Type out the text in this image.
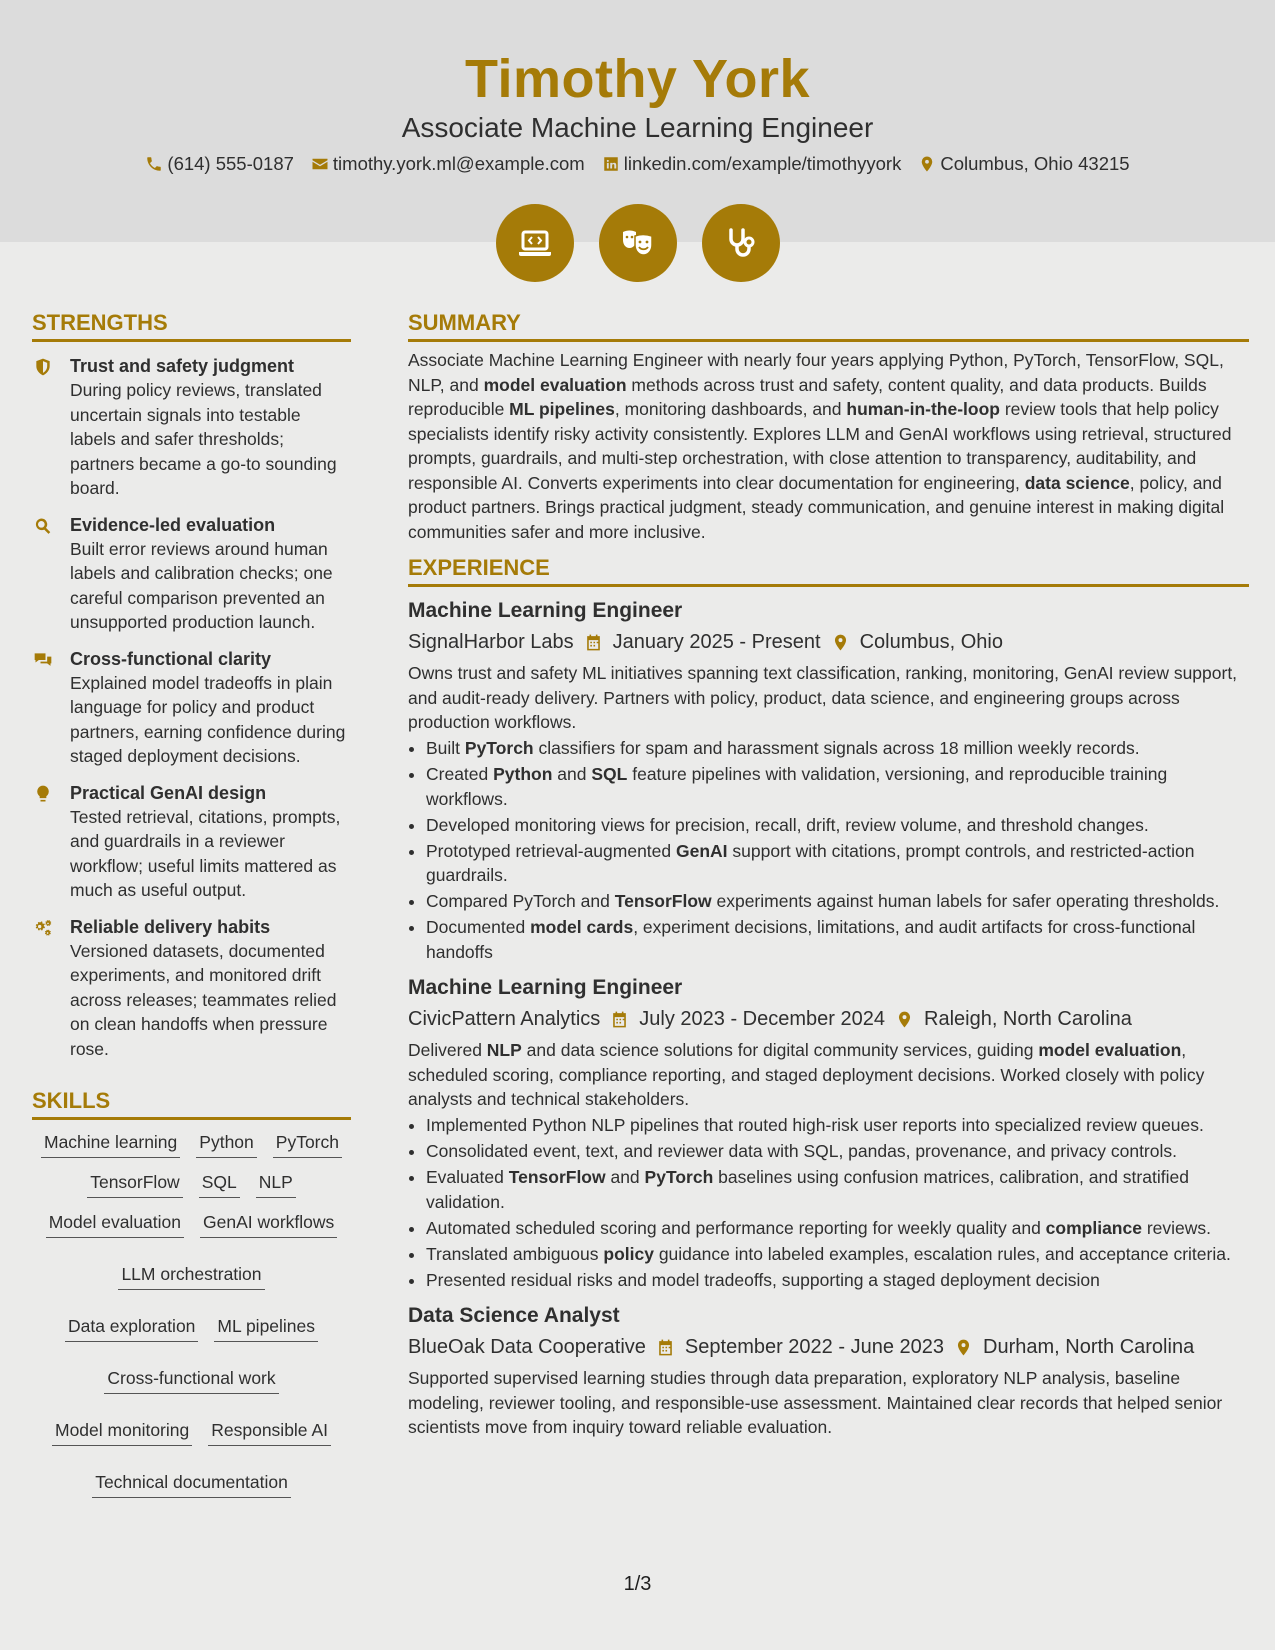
Timothy York
Associate Machine Learning Engineer
(614) 555-0187 timothy.york.ml@example.com linkedin.com/example/timothyyork Columbus, Ohio 43215
STRENGTHS
Trust and safety judgment
During policy reviews, translated uncertain signals into testable labels and safer thresholds; partners became a go-to sounding board.
Evidence-led evaluation
Built error reviews around human labels and calibration checks; one careful comparison prevented an unsupported production launch.
Cross-functional clarity
Explained model tradeoffs in plain language for policy and product partners, earning confidence during staged deployment decisions.
Practical GenAI design
Tested retrieval, citations, prompts, and guardrails in a reviewer workflow; useful limits mattered as much as useful output.
Reliable delivery habits
Versioned datasets, documented experiments, and monitored drift across releases; teammates relied on clean handoffs when pressure rose.
SKILLS
Machine learning Python PyTorch
TensorFlow SQL NLP
Model evaluation GenAI workflows
LLM orchestration
Data exploration ML pipelines
Cross-functional work
Model monitoring Responsible AI
Technical documentation
SUMMARY
Associate Machine Learning Engineer with nearly four years applying Python, PyTorch, TensorFlow, SQL, NLP, and model evaluation methods across trust and safety, content quality, and data products. Builds reproducible ML pipelines, monitoring dashboards, and human-in-the-loop review tools that help policy specialists identify risky activity consistently. Explores LLM and GenAI workflows using retrieval, structured prompts, guardrails, and multi-step orchestration, with close attention to transparency, auditability, and responsible AI. Converts experiments into clear documentation for engineering, data science, policy, and product partners. Brings practical judgment, steady communication, and genuine interest in making digital communities safer and more inclusive.
EXPERIENCE
Machine Learning Engineer
SignalHarbor Labs January 2025 - Present Columbus, Ohio
Owns trust and safety ML initiatives spanning text classification, ranking, monitoring, GenAI review support, and audit-ready delivery. Partners with policy, product, data science, and engineering groups across production workflows.
• Built PyTorch classifiers for spam and harassment signals across 18 million weekly records.
• Created Python and SQL feature pipelines with validation, versioning, and reproducible training workflows.
• Developed monitoring views for precision, recall, drift, review volume, and threshold changes.
• Prototyped retrieval-augmented GenAI support with citations, prompt controls, and restricted-action guardrails.
• Compared PyTorch and TensorFlow experiments against human labels for safer operating thresholds.
• Documented model cards, experiment decisions, limitations, and audit artifacts for cross-functional handoffs
Machine Learning Engineer
CivicPattern Analytics July 2023 - December 2024 Raleigh, North Carolina
Delivered NLP and data science solutions for digital community services, guiding model evaluation, scheduled scoring, compliance reporting, and staged deployment decisions. Worked closely with policy analysts and technical stakeholders.
• Implemented Python NLP pipelines that routed high-risk user reports into specialized review queues.
• Consolidated event, text, and reviewer data with SQL, pandas, provenance, and privacy controls.
• Evaluated TensorFlow and PyTorch baselines using confusion matrices, calibration, and stratified validation.
• Automated scheduled scoring and performance reporting for weekly quality and compliance reviews.
• Translated ambiguous policy guidance into labeled examples, escalation rules, and acceptance criteria.
• Presented residual risks and model tradeoffs, supporting a staged deployment decision
Data Science Analyst
BlueOak Data Cooperative September 2022 - June 2023 Durham, North Carolina
Supported supervised learning studies through data preparation, exploratory NLP analysis, baseline modeling, reviewer tooling, and responsible-use assessment. Maintained clear records that helped senior scientists move from inquiry toward reliable evaluation.
1/3
